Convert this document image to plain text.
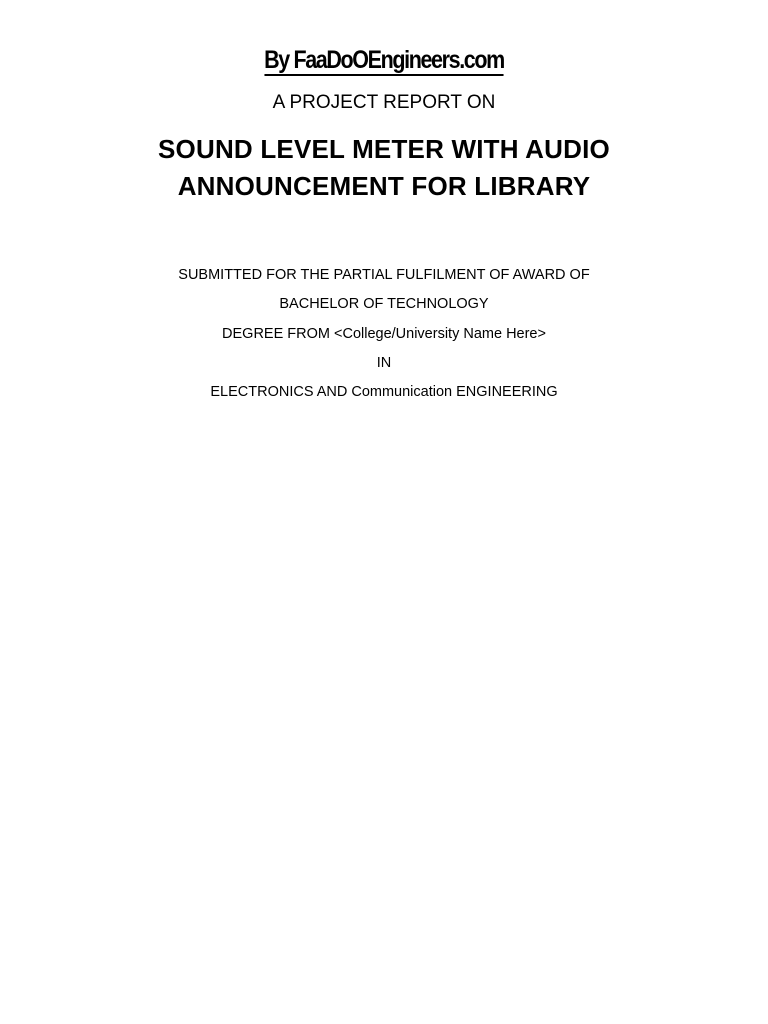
By FaaDoOEngineers.com
A PROJECT REPORT ON
SOUND LEVEL METER WITH AUDIO
ANNOUNCEMENT FOR LIBRARY
SUBMITTED FOR THE PARTIAL FULFILMENT OF AWARD OF
BACHELOR OF TECHNOLOGY
DEGREE FROM <College/University Name Here>
IN
ELECTRONICS AND Communication ENGINEERING
